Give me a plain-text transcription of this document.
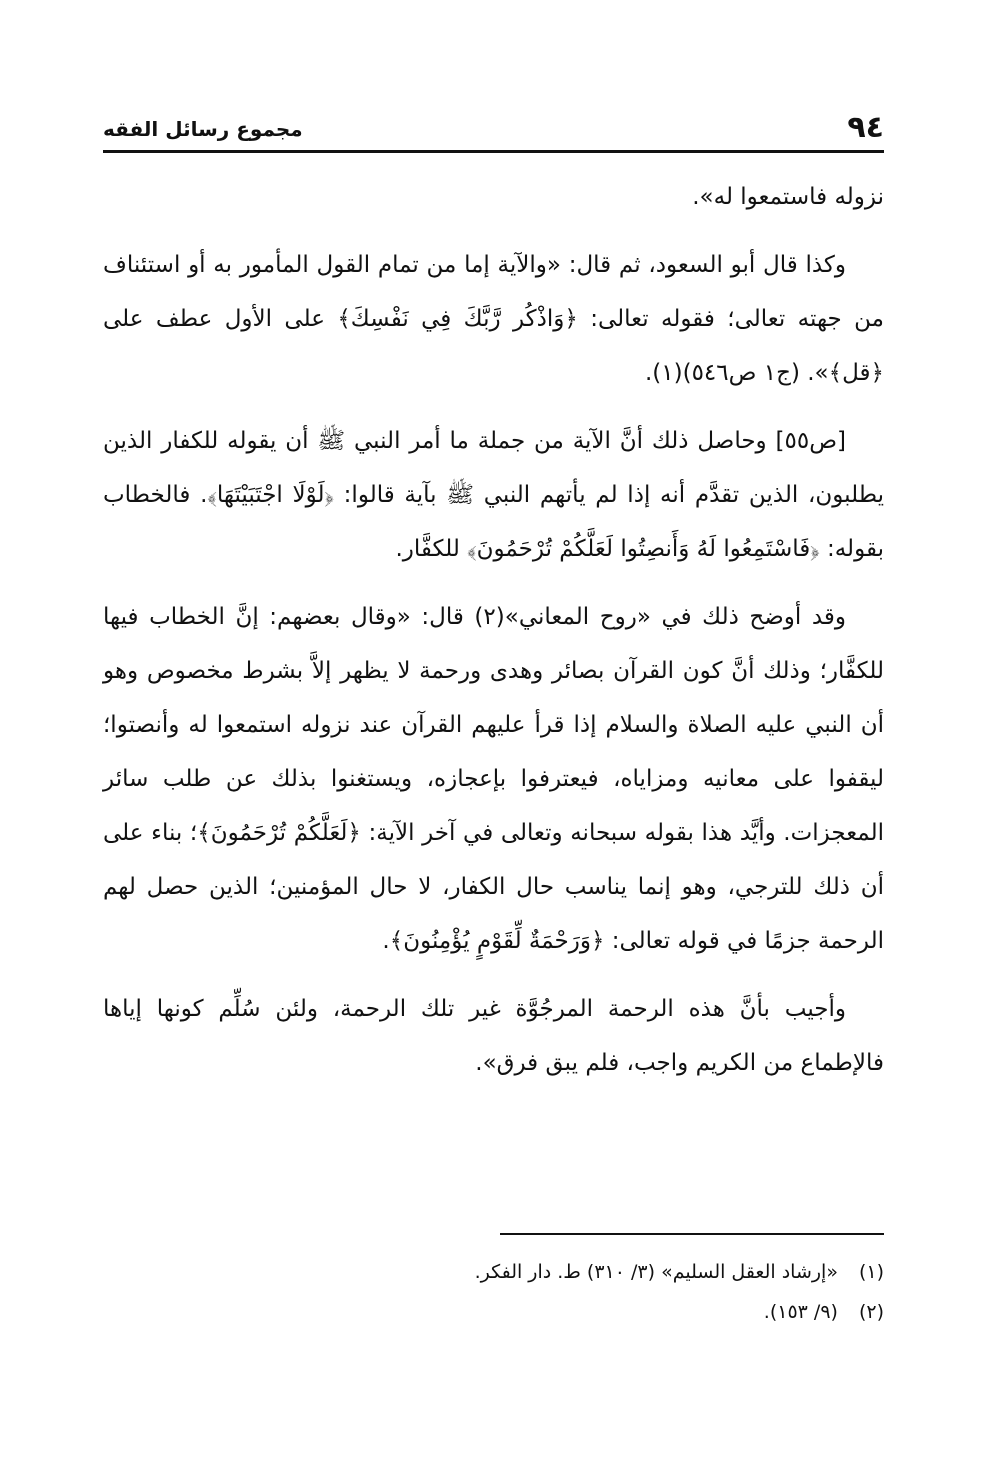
٩٤
مجموع رسائل الفقه

نزوله فاستمعوا له».

وكذا قال أبو السعود، ثم قال: «والآية إما من تمام القول المأمور به أو استئناف من جهته تعالى؛ فقوله تعالى: ﴿وَاذْكُر رَّبَّكَ فِي نَفْسِكَ﴾ على الأول عطف على ﴿قل﴾». (ج١ ص٥٤٦)(١).

[ص٥٥] وحاصل ذلك أنَّ الآية من جملة ما أمر النبي ﷺ أن يقوله للكفار الذين يطلبون، الذين تقدَّم أنه إذا لم يأتهم النبي ﷺ بآية قالوا: ﴿لَوْلَا اجْتَبَيْتَهَا﴾. فالخطاب بقوله: ﴿فَاسْتَمِعُوا لَهُ وَأَنصِتُوا لَعَلَّكُمْ تُرْحَمُونَ﴾ للكفَّار.

وقد أوضح ذلك في «روح المعاني»(٢) قال: «وقال بعضهم: إنَّ الخطاب فيها للكفَّار؛ وذلك أنَّ كون القرآن بصائر وهدى ورحمة لا يظهر إلاَّ بشرط مخصوص وهو أن النبي عليه الصلاة والسلام إذا قرأ عليهم القرآن عند نزوله استمعوا له وأنصتوا؛ ليقفوا على معانيه ومزاياه، فيعترفوا بإعجازه، ويستغنوا بذلك عن طلب سائر المعجزات. وأيَّد هذا بقوله سبحانه وتعالى في آخر الآية: ﴿لَعَلَّكُمْ تُرْحَمُونَ﴾؛ بناء على أن ذلك للترجي، وهو إنما يناسب حال الكفار، لا حال المؤمنين؛ الذين حصل لهم الرحمة جزمًا في قوله تعالى: ﴿وَرَحْمَةٌ لِّقَوْمٍ يُؤْمِنُونَ﴾.

وأجيب بأنَّ هذه الرحمة المرجُوَّة غير تلك الرحمة، ولئن سُلِّم كونها إياها فالإطماع من الكريم واجب، فلم يبق فرق».

(١) «إرشاد العقل السليم» (٣/ ٣١٠) ط. دار الفكر.

(٢) (٩/ ١٥٣).
